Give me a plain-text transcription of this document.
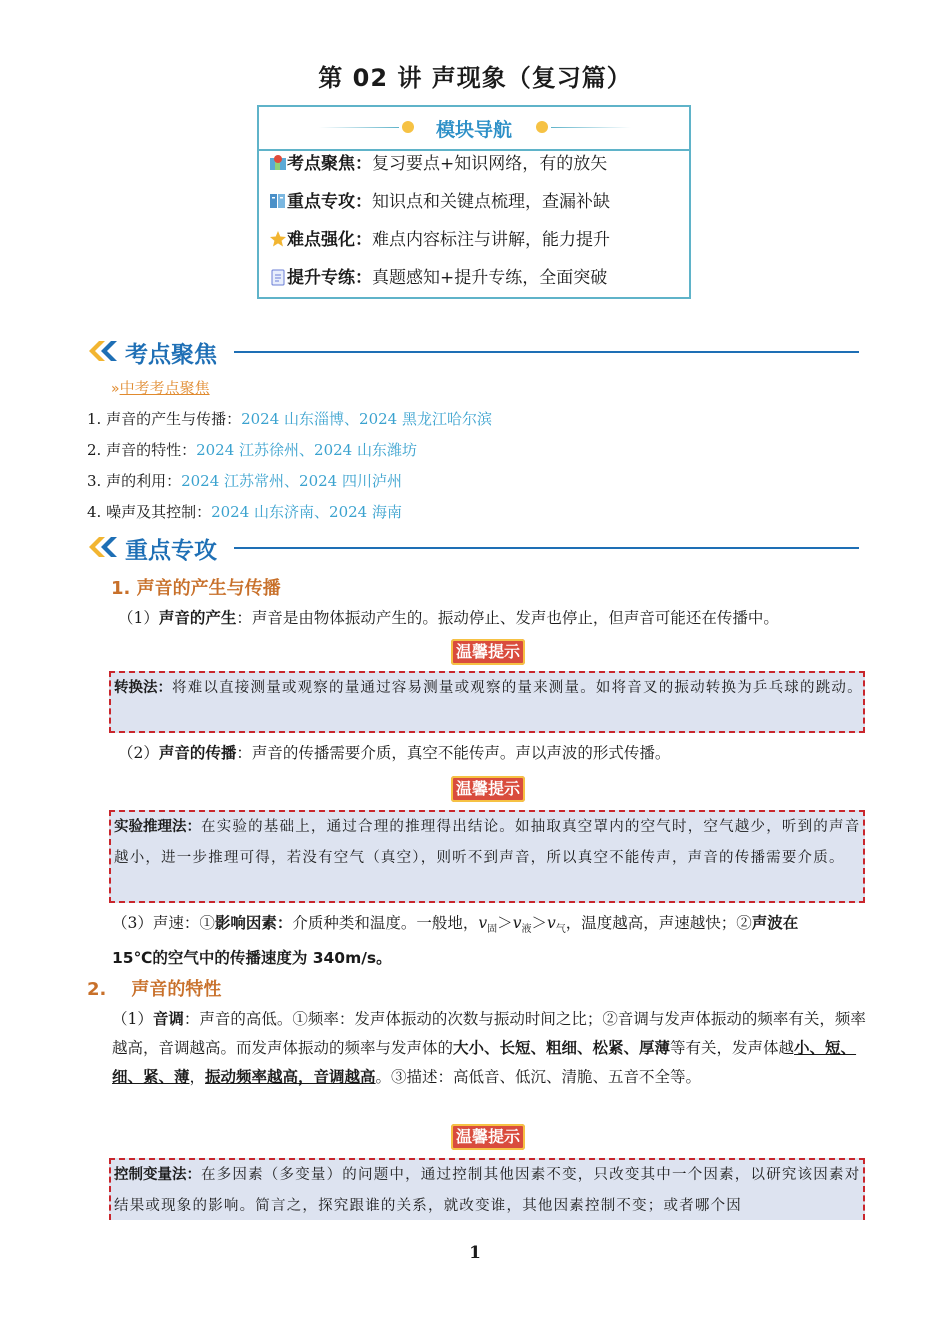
第 02 讲 声现象（复习篇）
模块导航
考点聚焦：复习要点+知识网络，有的放矢
重点专攻：知识点和关键点梳理，查漏补缺
难点强化：难点内容标注与讲解，能力提升
提升专练：真题感知+提升专练，全面突破
考点聚焦
»中考考点聚焦
1. 声音的产生与传播：2024 山东淄博、2024 黑龙江哈尔滨
2. 声音的特性：2024 江苏徐州、2024 山东潍坊
3. 声的利用：2024 江苏常州、2024 四川泸州
4. 噪声及其控制：2024 山东济南、2024 海南
重点专攻
1. 声音的产生与传播
（1）声音的产生：声音是由物体振动产生的。振动停止、发声也停止，但声音可能还在传播中。
温馨提示
转换法：将难以直接测量或观察的量通过容易测量或观察的量来测量。如将音叉的振动转换为乒乓球的跳动。
（2）声音的传播：声音的传播需要介质，真空不能传声。声以声波的形式传播。
温馨提示
实验推理法：在实验的基础上，通过合理的推理得出结论。如抽取真空罩内的空气时，空气越少，听到的声音越小，进一步推理可得，若没有空气（真空），则听不到声音，所以真空不能传声，声音的传播需要介质。
（3）声速：①影响因素：介质种类和温度。一般地，$v_固>v_液>v_气$，温度越高，声速越快；②声波在
15℃的空气中的传播速度为 340m/s。
2.    声音的特性
（1）音调：声音的高低。①频率：发声体振动的次数与振动时间之比；②音调与发声体振动的频率有关，频率越高，音调越高。而发声体振动的频率与发声体的大小、长短、粗细、松紧、厚薄等有关，发声体越小、短、细、紧、薄，振动频率越高，音调越高。③描述：高低音、低沉、清脆、五音不全等。
温馨提示
控制变量法：在多因素（多变量）的问题中，通过控制其他因素不变，只改变其中一个因素，以研究该因素对结果或现象的影响。简言之，探究跟谁的关系，就改变谁，其他因素控制不变；或者哪个因
1
